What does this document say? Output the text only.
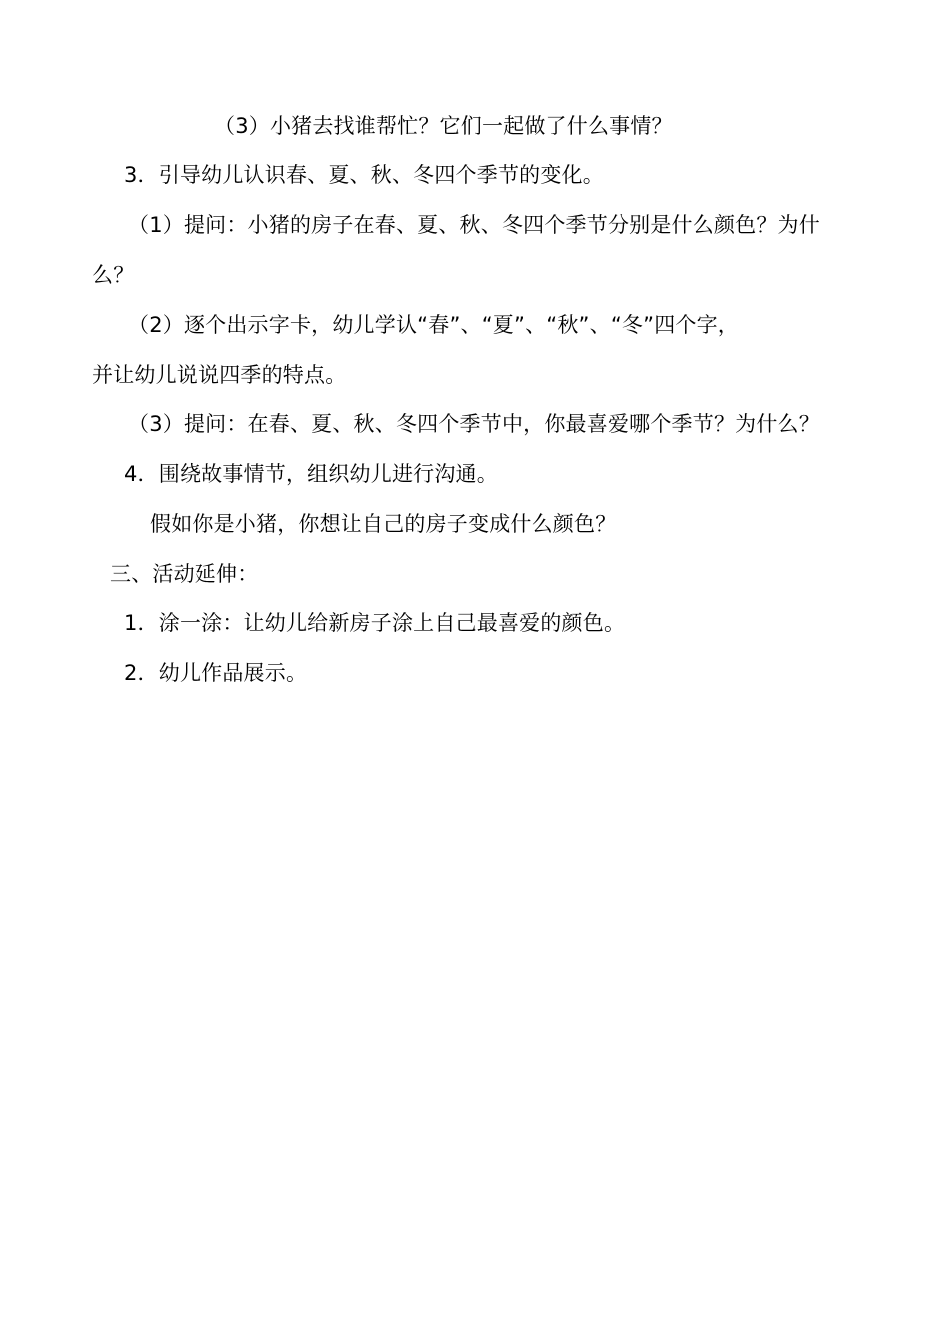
（3）小猪去找谁帮忙？它们一起做了什么事情？
3．引导幼儿认识春、夏、秋、冬四个季节的变化。
（1）提问：小猪的房子在春、夏、秋、冬四个季节分别是什么颜色？为什
么？
（2）逐个出示字卡，幼儿学认“春”、“夏”、“秋”、“冬”四个字，
并让幼儿说说四季的特点。
（3）提问：在春、夏、秋、冬四个季节中，你最喜爱哪个季节？为什么？
4．围绕故事情节，组织幼儿进行沟通。
假如你是小猪，你想让自己的房子变成什么颜色？
三、活动延伸：
1．涂一涂：让幼儿给新房子涂上自己最喜爱的颜色。
2．幼儿作品展示。
